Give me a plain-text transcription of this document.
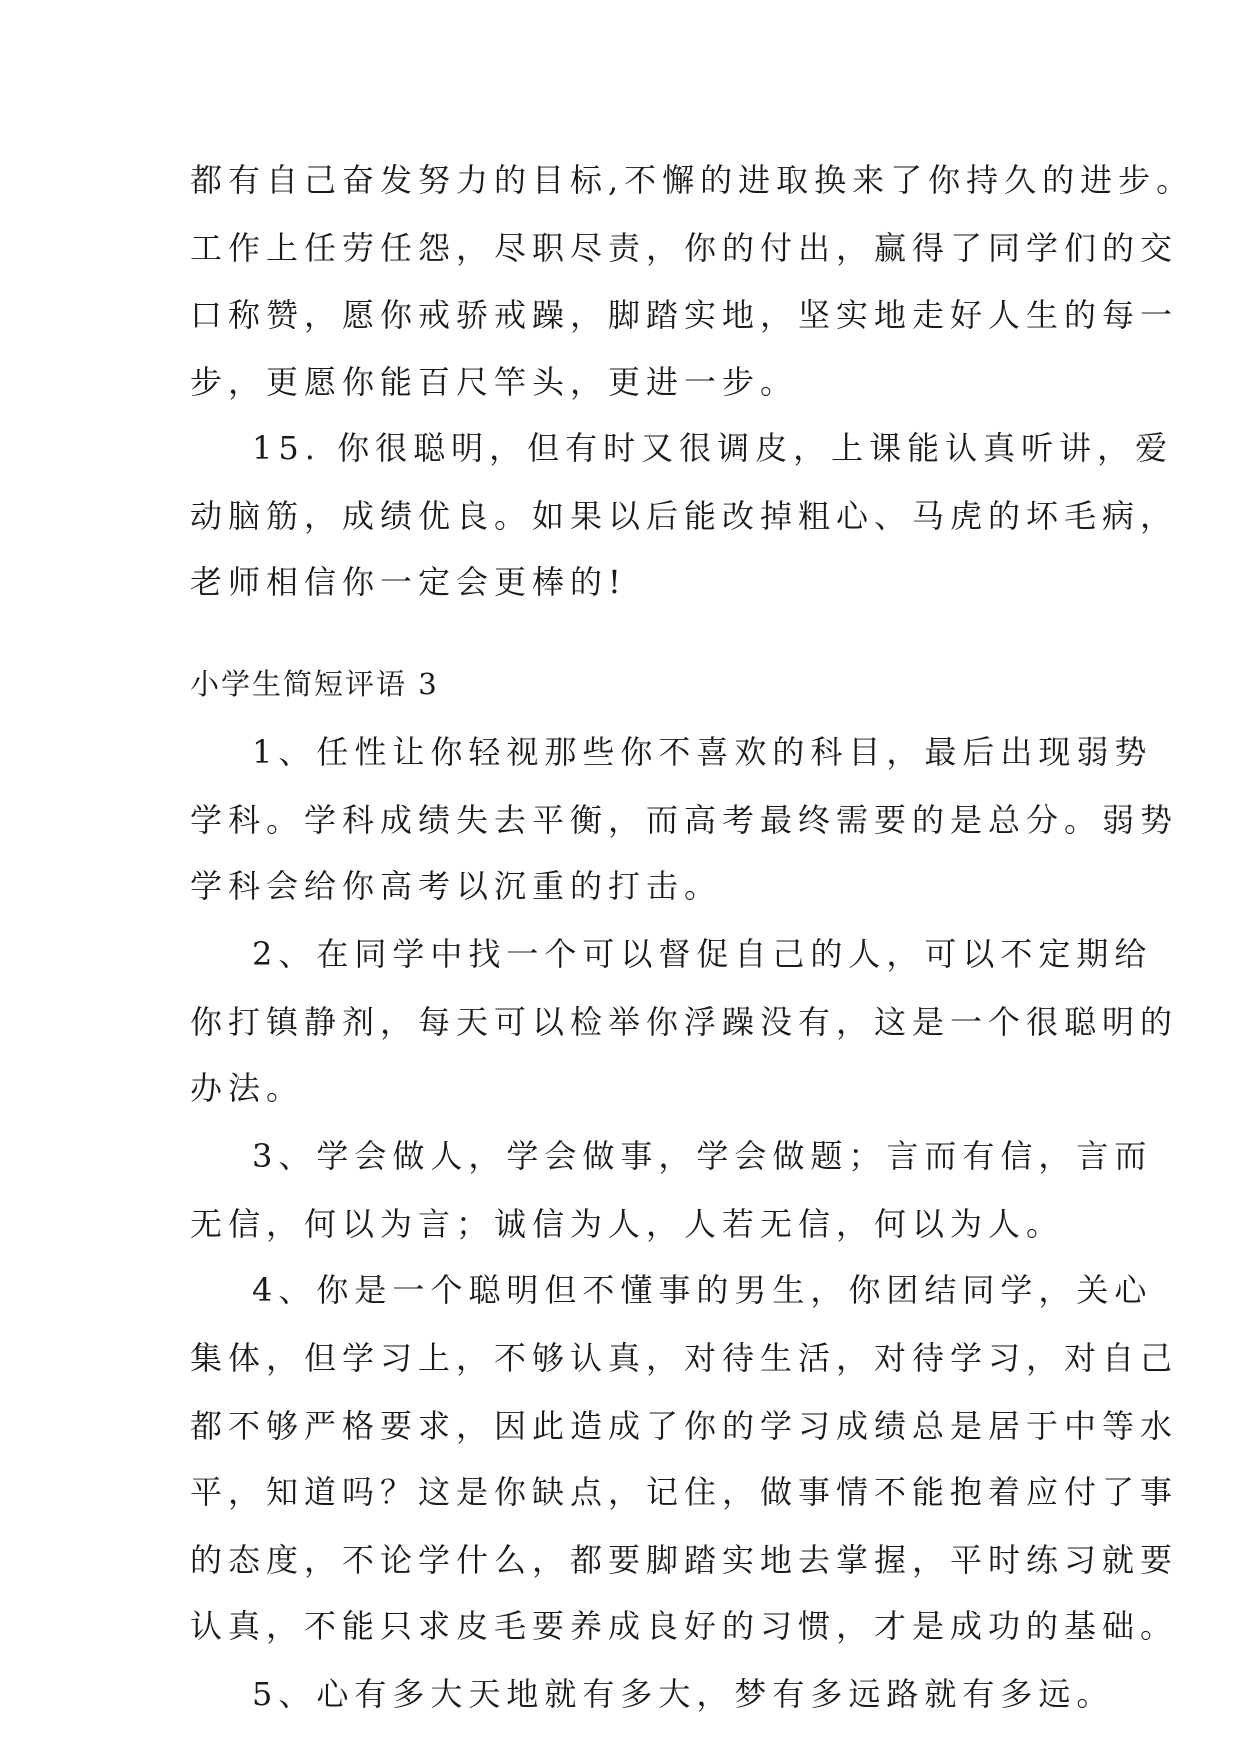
都有自己奋发努力的目标,不懈的进取换来了你持久的进步。
工作上任劳任怨，尽职尽责，你的付出，赢得了同学们的交
口称赞，愿你戒骄戒躁，脚踏实地，坚实地走好人生的每一
步，更愿你能百尺竿头，更进一步。
15. 你很聪明，但有时又很调皮，上课能认真听讲，爱
动脑筋，成绩优良。如果以后能改掉粗心、马虎的坏毛病，
老师相信你一定会更棒的!
小学生简短评语 3
1、任性让你轻视那些你不喜欢的科目，最后出现弱势
学科。学科成绩失去平衡，而高考最终需要的是总分。弱势
学科会给你高考以沉重的打击。
2、在同学中找一个可以督促自己的人，可以不定期给
你打镇静剂，每天可以检举你浮躁没有，这是一个很聪明的
办法。
3、学会做人，学会做事，学会做题；言而有信，言而
无信，何以为言；诚信为人，人若无信，何以为人。
4、你是一个聪明但不懂事的男生，你团结同学，关心
集体，但学习上，不够认真，对待生活，对待学习，对自己
都不够严格要求，因此造成了你的学习成绩总是居于中等水
平，知道吗？这是你缺点，记住，做事情不能抱着应付了事
的态度，不论学什么，都要脚踏实地去掌握，平时练习就要
认真，不能只求皮毛要养成良好的习惯，才是成功的基础。
5、心有多大天地就有多大，梦有多远路就有多远。
